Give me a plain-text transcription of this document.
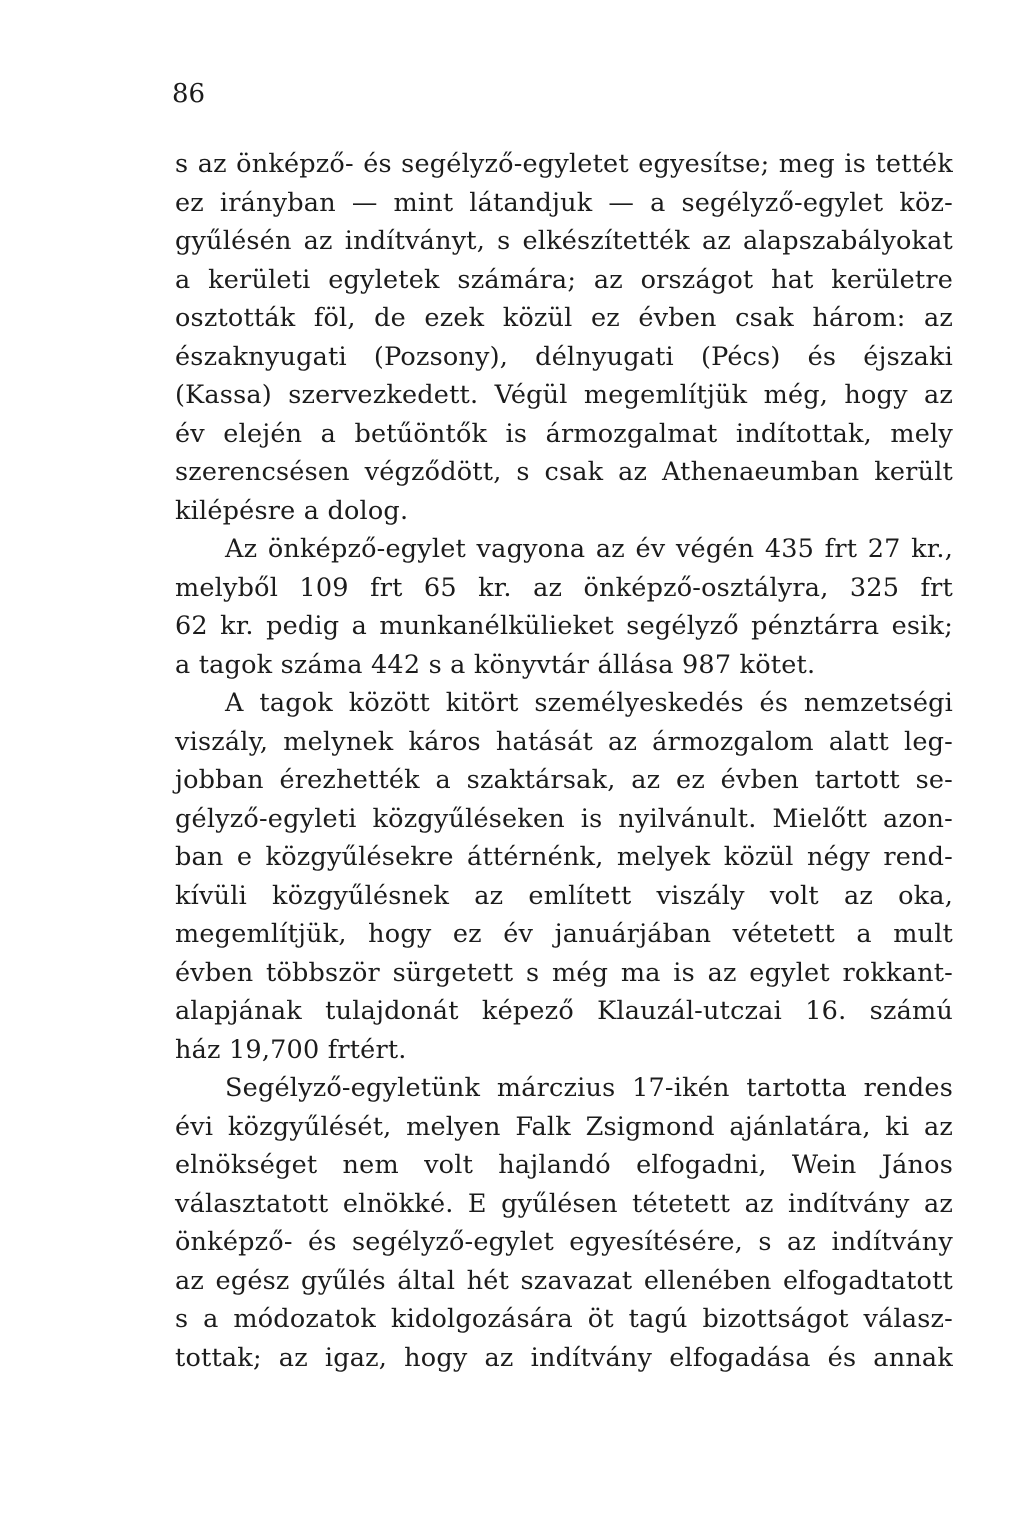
86
s az önképző- és segélyző-egyletet egyesítse; meg is tették
ez irányban — mint látandjuk — a segélyző-egylet köz-
gyűlésén az indítványt, s elkészítették az alapszabályokat
a kerületi egyletek számára; az országot hat kerületre
osztották föl, de ezek közül ez évben csak három: az
északnyugati (Pozsony), délnyugati (Pécs) és éjszaki
(Kassa) szervezkedett. Végül megemlítjük még, hogy az
év elején a betűöntők is ármozgalmat indítottak, mely
szerencsésen végződött, s csak az Athenaeumban került
kilépésre a dolog.
Az önképző-egylet vagyona az év végén 435 frt 27 kr.,
melyből 109 frt 65 kr. az önképző-osztályra, 325 frt
62 kr. pedig a munkanélkülieket segélyző pénztárra esik;
a tagok száma 442 s a könyvtár állása 987 kötet.
A tagok között kitört személyeskedés és nemzetségi
viszály, melynek káros hatását az ármozgalom alatt leg-
jobban érezhették a szaktársak, az ez évben tartott se-
gélyző-egyleti közgyűléseken is nyilvánult. Mielőtt azon-
ban e közgyűlésekre áttérnénk, melyek közül négy rend-
kívüli közgyűlésnek az említett viszály volt az oka,
megemlítjük, hogy ez év januárjában vétetett a mult
évben többször sürgetett s még ma is az egylet rokkant-
alapjának tulajdonát képező Klauzál-utczai 16. számú
ház 19,700 frtért.
Segélyző-egyletünk márczius 17-ikén tartotta rendes
évi közgyűlését, melyen Falk Zsigmond ajánlatára, ki az
elnökséget nem volt hajlandó elfogadni, Wein János
választatott elnökké. E gyűlésen tétetett az indítvány az
önképző- és segélyző-egylet egyesítésére, s az indítvány
az egész gyűlés által hét szavazat ellenében elfogadtatott
s a módozatok kidolgozására öt tagú bizottságot válasz-
tottak; az igaz, hogy az indítvány elfogadása és annak
